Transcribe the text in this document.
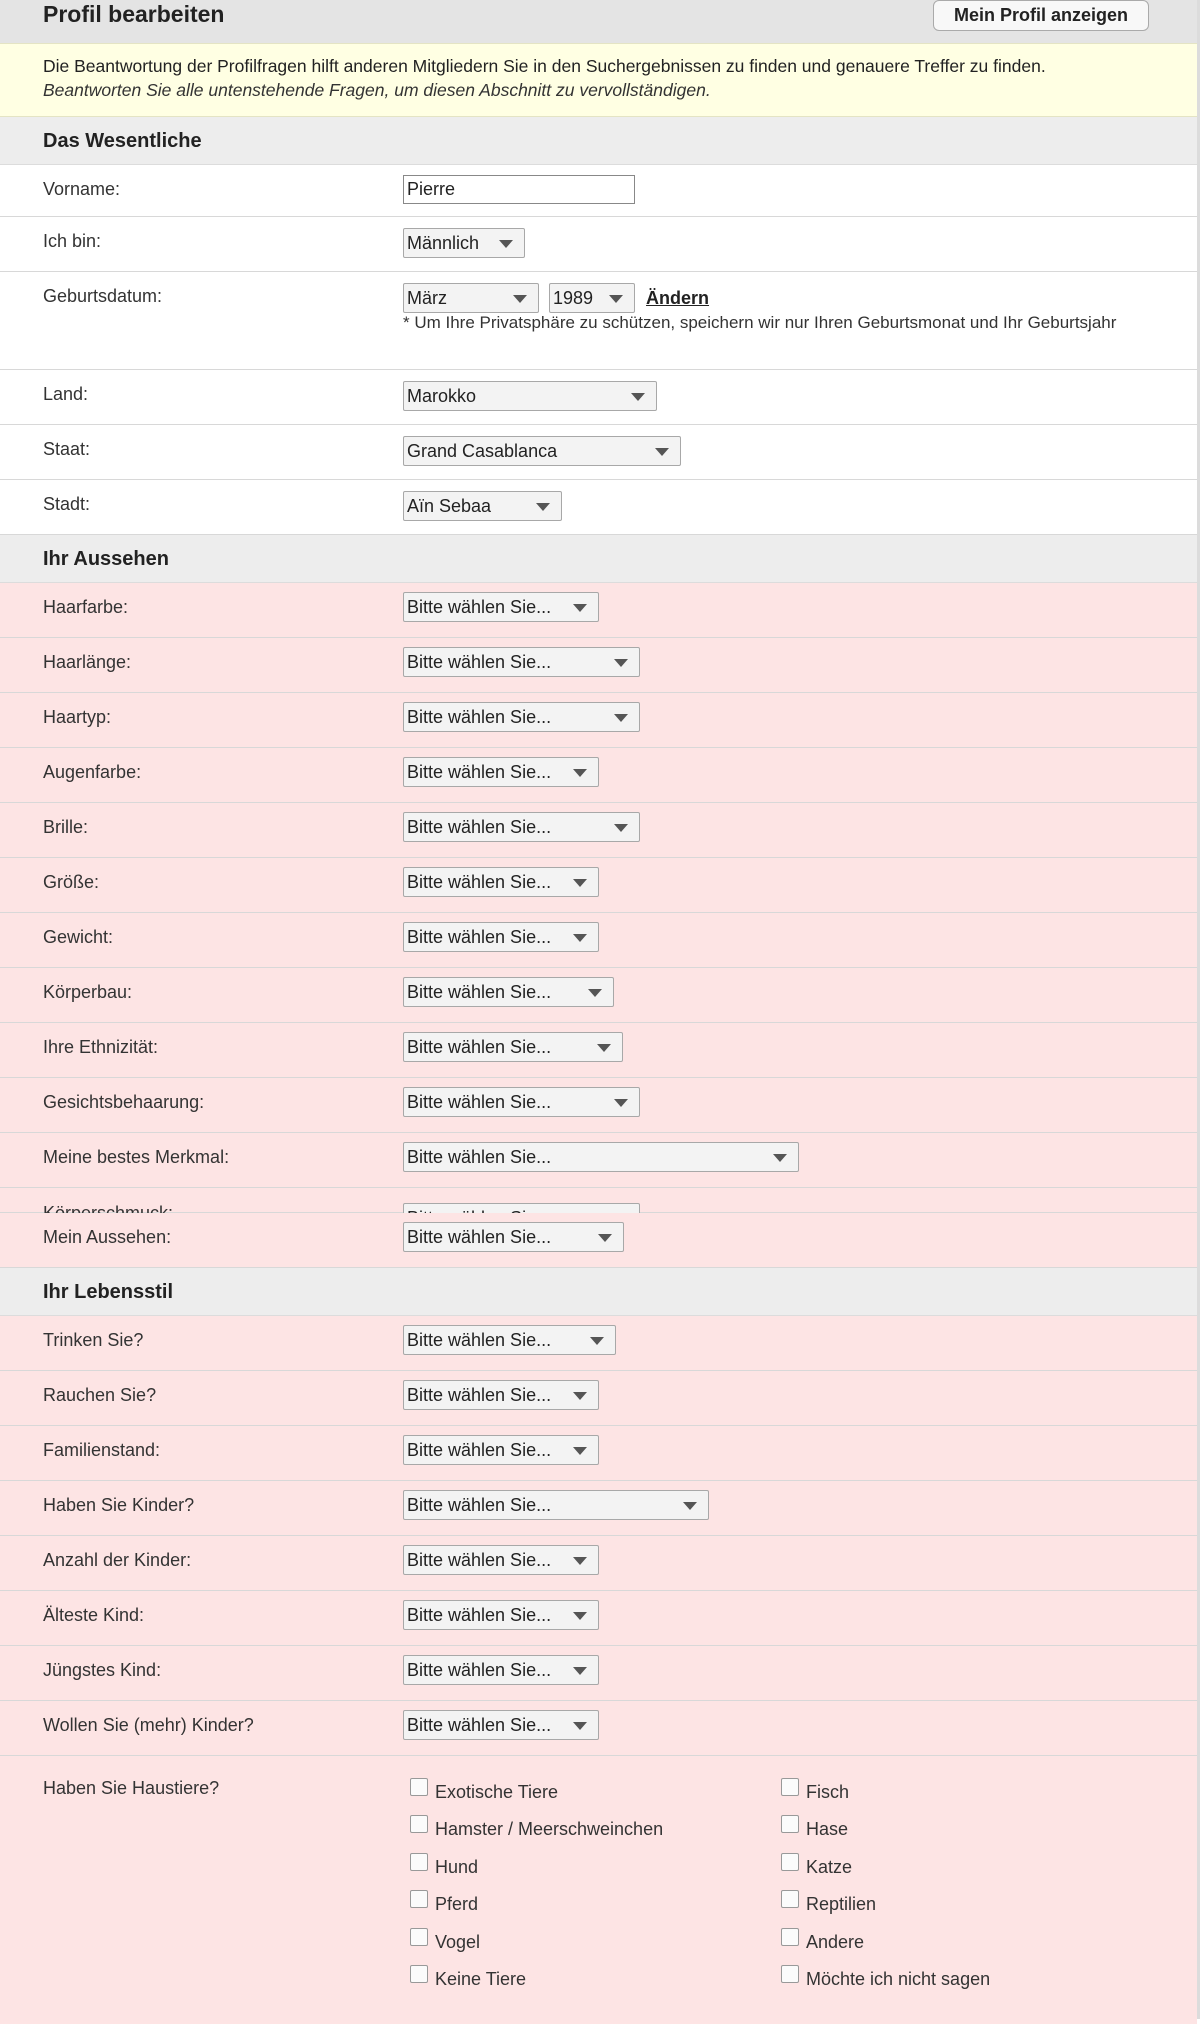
Profil bearbeiten	Mein Profil anzeigen
Die Beantwortung der Profilfragen hilft anderen Mitgliedern Sie in den Suchergebnissen zu finden und genauere Treffer zu finden.
Beantworten Sie alle untenstehende Fragen, um diesen Abschnitt zu vervollständigen.
Das Wesentliche
Vorname:
Pierre
Ich bin:	Männlich
Geburtsdatum:	März	1989	Ändern
* Um Ihre Privatsphäre zu schützen, speichern wir nur Ihren Geburtsmonat und Ihr Geburtsjahr
Land:	Marokko
Staat:	Grand Casablanca
Stadt:	Aïn Sebaa
Ihr Aussehen
Haarfarbe:	Bitte wählen Sie...
Haarlänge:	Bitte wählen Sie...
Haartyp:	Bitte wählen Sie...
Augenfarbe:	Bitte wählen Sie...
Brille:	Bitte wählen Sie...
Größe:	Bitte wählen Sie...
Gewicht:	Bitte wählen Sie...
Körperbau:	Bitte wählen Sie...
Ihre Ethnizität:	Bitte wählen Sie...
Gesichtsbehaarung:	Bitte wählen Sie...
Meine bestes Merkmal:	Bitte wählen Sie...
Mein Aussehen:	Bitte wählen Sie...
Ihr Lebensstil
Trinken Sie?	Bitte wählen Sie...
Rauchen Sie?	Bitte wählen Sie...
Familienstand:	Bitte wählen Sie...
Haben Sie Kinder?	Bitte wählen Sie...
Anzahl der Kinder:	Bitte wählen Sie...
Älteste Kind:	Bitte wählen Sie...
Jüngstes Kind:	Bitte wählen Sie...
Wollen Sie (mehr) Kinder?	Bitte wählen Sie...
Haben Sie Haustiere?	Exotische Tiere
Hamster / Meerschweinchen
Hund
Pferd
Vogel
Keine Tiere
Fisch
Hase
Katze
Reptilien
Andere
Möchte ich nicht sagen
